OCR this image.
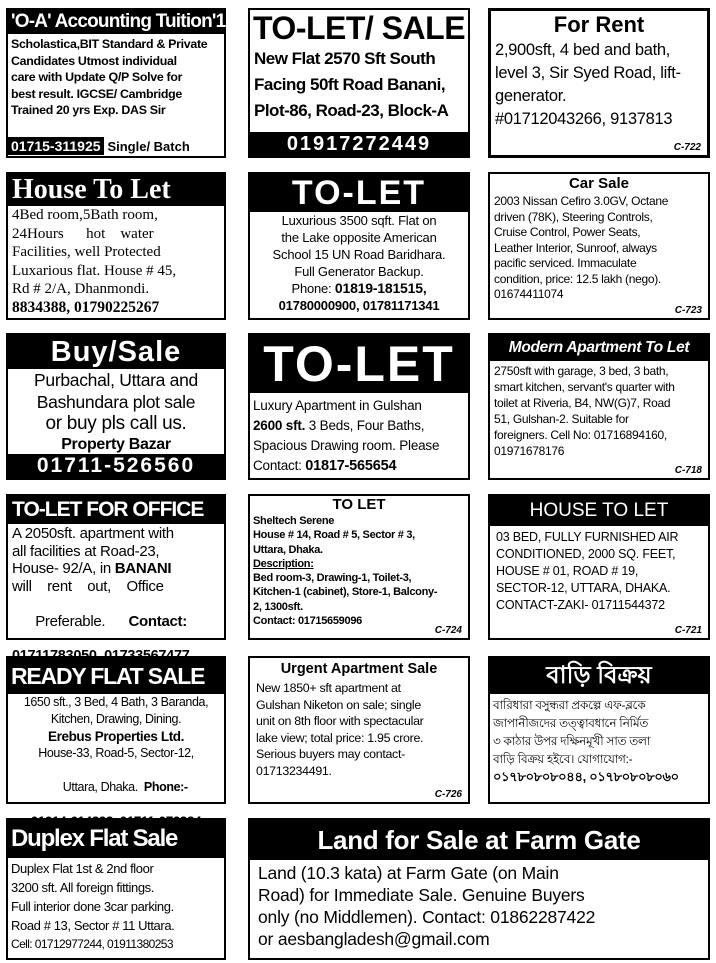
'O-A' Accounting Tuition'15
Scholastica,BIT Standard & Private
Candidates Utmost individual
care with Update Q/P Solve for
best result. IGCSE/ Cambridge
Trained 20 yrs Exp. DAS Sir
01715-311925 Single/ Batch
TO-LET/ SALE
New Flat 2570 Sft South
Facing 50ft Road Banani,
Plot-86, Road-23, Block-A
01917272449
For Rent
2,900sft, 4 bed and bath,
level 3, Sir Syed Road, lift-
generator.
#01712043266, 9137813
C-722
House To Let
4Bed room,5Bath room,
24Hours      hot    water
Facilities, well Protected
Luxarious flat. House # 45,
Rd # 2/A, Dhanmondi.
8834388, 01790225267
TO-LET
Luxurious 3500 sqft. Flat on
the Lake opposite American
School 15 UN Road Baridhara.
Full Generator Backup.
Phone: 01819-181515,
01780000900, 01781171341
Car Sale
2003 Nissan Cefiro 3.0GV, Octane
driven (78K), Steering Controls,
Cruise Control, Power Seats,
Leather Interior, Sunroof, always
pacific serviced. Immaculate
condition, price: 12.5 lakh (nego).
01674411074
C-723
Buy/Sale
Purbachal, Uttara and
Bashundara plot sale
or buy pls call us.
Property Bazar
01711-526560
TO-LET
Luxury Apartment in Gulshan
2600 sft. 3 Beds, Four Baths,
Spacious Drawing room. Please
Contact: 01817-565654
Modern Apartment To Let
2750sft with garage, 3 bed, 3 bath,
smart kitchen, servant's quarter with
toilet at Riveria, B4, NW(G)7, Road
51, Gulshan-2. Suitable for
foreigners. Cell No: 01716894160,
01971678176
C-718
TO-LET FOR OFFICE
A 2050sft. apartment with
all facilities at Road-23,
House- 92/A, in BANANI
will    rent    out,    Office

Preferable.      Contact:

TO LET
Sheltech Serene
House # 14, Road # 5, Sector # 3,
Uttara, Dhaka.
Description:
Bed room-3, Drawing-1, Toilet-3,
Kitchen-1 (cabinet), Store-1, Balcony-
2, 1300sft.
Contact: 01715659096
C-724
HOUSE TO LET
03 BED, FULLY FURNISHED AIR
CONDITIONED, 2000 SQ. FEET,
HOUSE # 01, ROAD # 19,
SECTOR-12, UTTARA, DHAKA.
CONTACT-ZAKI- 01711544372
C-721
READY FLAT SALE
1650 sft., 3 Bed, 4 Bath, 3 Baranda,
Kitchen, Drawing, Dining.
Erebus Properties Ltd.
House-33, Road-5, Sector-12,

Uttara, Dhaka.  Phone:-

Urgent Apartment Sale
New 1850+ sft apartment at
Gulshan Niketon on sale; single
unit on 8th floor with spectacular
lake view; total price: 1.95 crore.
Serious buyers may contact-
01713234491.
C-726
বাড়ি বিক্রয়
বারিধারা বসুন্ধরা প্রকল্পে এফ-ব্লকে
জাপানীজদের তত্ত্বাবধানে নির্মিত
৩ কাঠার উপর দক্ষিনমূখী সাত তলা
বাড়ি বিক্রয় হইবে। যোগাযোগ:-
০১৭৮০৮০৮০৪৪, ০১৭৮০৮০৮০৬০
Duplex Flat Sale
Duplex Flat 1st & 2nd floor
3200 sft. All foreign fittings.
Full interior done 3car parking.
Road # 13, Sector # 11 Uttara.
Cell: 01712977244, 01911380253
Land for Sale at Farm Gate
Land (10.3 kata) at Farm Gate (on Main
Road) for Immediate Sale. Genuine Buyers
only (no Middlemen). Contact: 01862287422
or aesbangladesh@gmail.com
